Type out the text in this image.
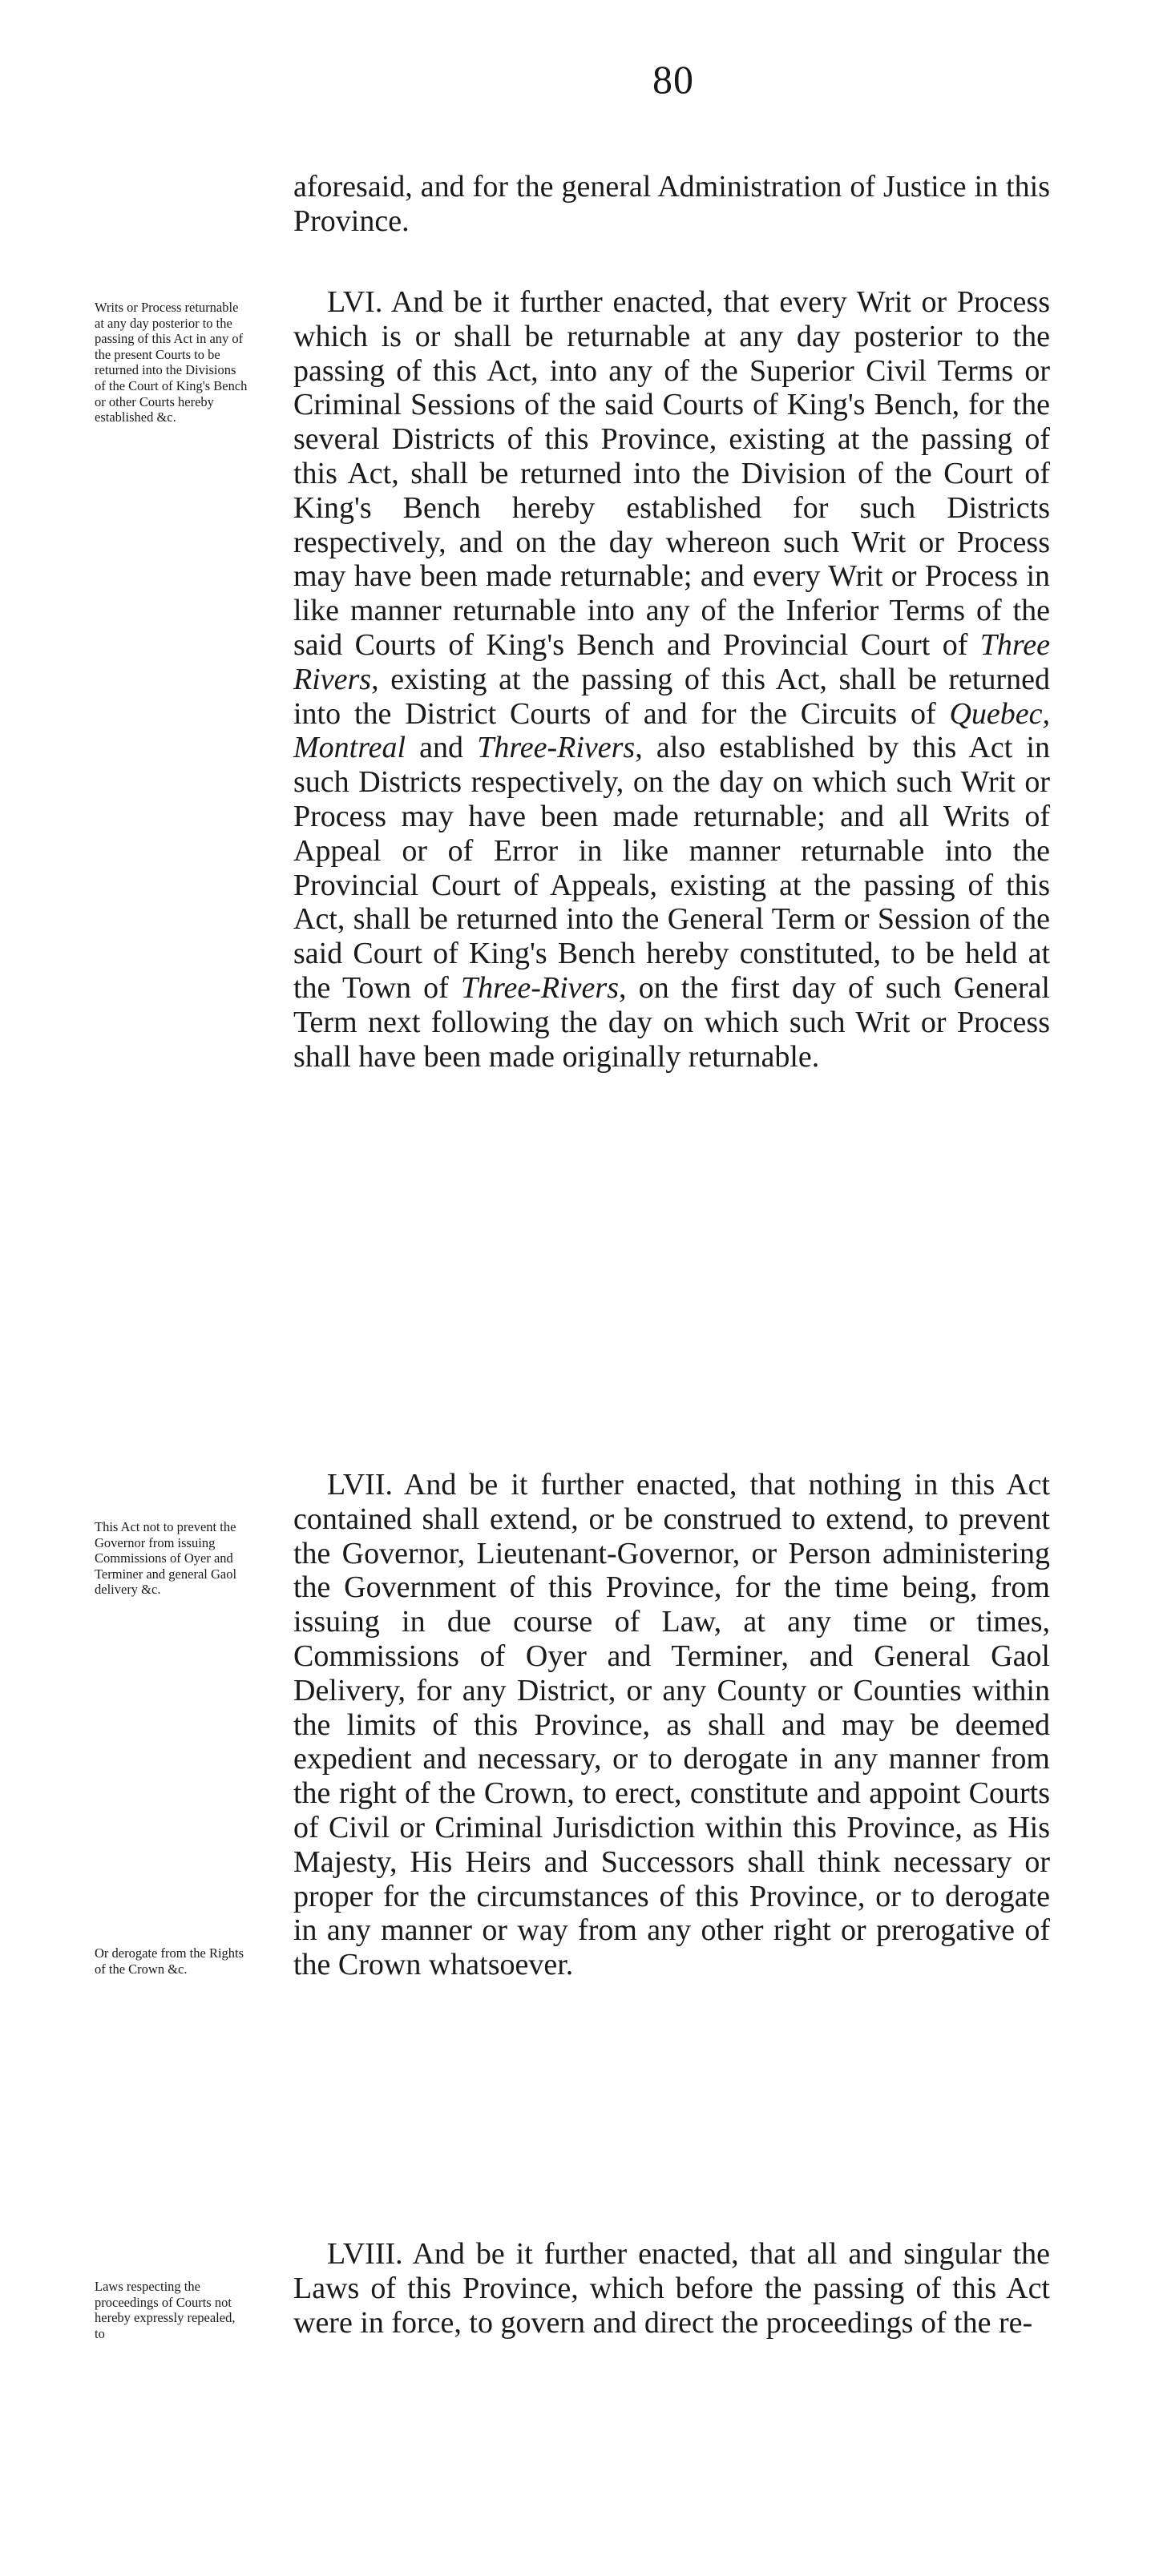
80

aforesaid, and for the general Administration of Justice in this Province.

LVI. And be it further enacted, that every Writ or Process which is or shall be returnable at any day posterior to the passing of this Act, into any of the Superior Civil Terms or Criminal Sessions of the said Courts of King's Bench, for the several Districts of this Province, existing at the passing of this Act, shall be returned into the Division of the Court of King's Bench hereby established for such Districts respectively, and on the day whereon such Writ or Process may have been made returnable; and every Writ or Process in like manner returnable into any of the Inferior Terms of the said Courts of King's Bench and Provincial Court of Three Rivers, existing at the passing of this Act, shall be returned into the District Courts of and for the Circuits of Quebec, Montreal and Three-Rivers, also established by this Act in such Districts respectively, on the day on which such Writ or Process may have been made returnable; and all Writs of Appeal or of Error in like manner returnable into the Provincial Court of Appeals, existing at the passing of this Act, shall be returned into the General Term or Session of the said Court of King's Bench hereby constituted, to be held at the Town of Three-Rivers, on the first day of such General Term next following the day on which such Writ or Process shall have been made originally returnable.

LVII. And be it further enacted, that nothing in this Act contained shall extend, or be construed to extend, to prevent the Governor, Lieutenant-Governor, or Person administering the Government of this Province, for the time being, from issuing in due course of Law, at any time or times, Commissions of Oyer and Terminer, and General Gaol Delivery, for any District, or any County or Counties within the limits of this Province, as shall and may be deemed expedient and necessary, or to derogate in any manner from the right of the Crown, to erect, constitute and appoint Courts of Civil or Criminal Jurisdiction within this Province, as His Majesty, His Heirs and Successors shall think necessary or proper for the circumstances of this Province, or to derogate in any manner or way from any other right or prerogative of the Crown whatsoever.

LVIII. And be it further enacted, that all and singular the Laws of this Province, which before the passing of this Act were in force, to govern and direct the proceedings of the re-

Writs or Process returnable at any day posterior to the passing of this Act in any of the present Courts to be returned into the Divisions of the Court of King's Bench or other Courts hereby established &c.

This Act not to prevent the Governor from issuing Commissions of Oyer and Terminer and general Gaol delivery &c.

Or derogate from the Rights of the Crown &c.

Laws respecting the proceedings of Courts not hereby expressly repealed, to
